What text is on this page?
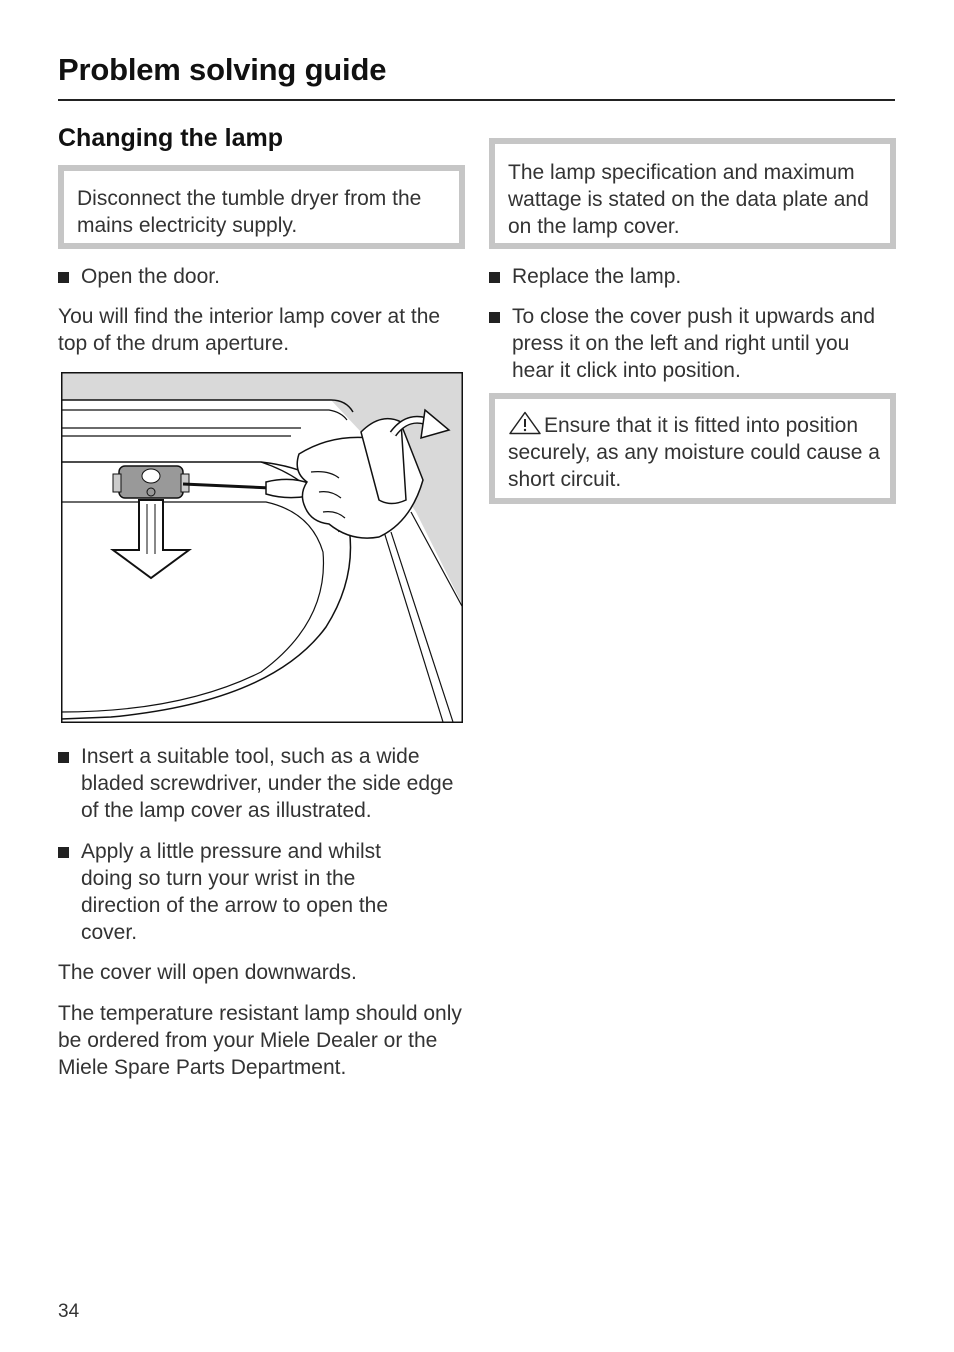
Problem solving guide
Changing the lamp
Disconnect the tumble dryer from the mains electricity supply.
Open the door.

You will find the interior lamp cover at the top of the drum aperture.

Insert a suitable tool, such as a wide bladed screwdriver, under the side edge of the lamp cover as illustrated.
Apply a little pressure and whilst doing so turn your wrist in the direction of the arrow to open the cover.

The cover will open downwards.

The temperature resistant lamp should only be ordered from your Miele Dealer or the Miele Spare Parts Department.

The lamp specification and maximum wattage is stated on the data plate and on the lamp cover.
Replace the lamp.
To close the cover push it upwards and press it on the left and right until you hear it click into position.
Ensure that it is fitted into position securely, as any moisture could cause a short circuit.
34
